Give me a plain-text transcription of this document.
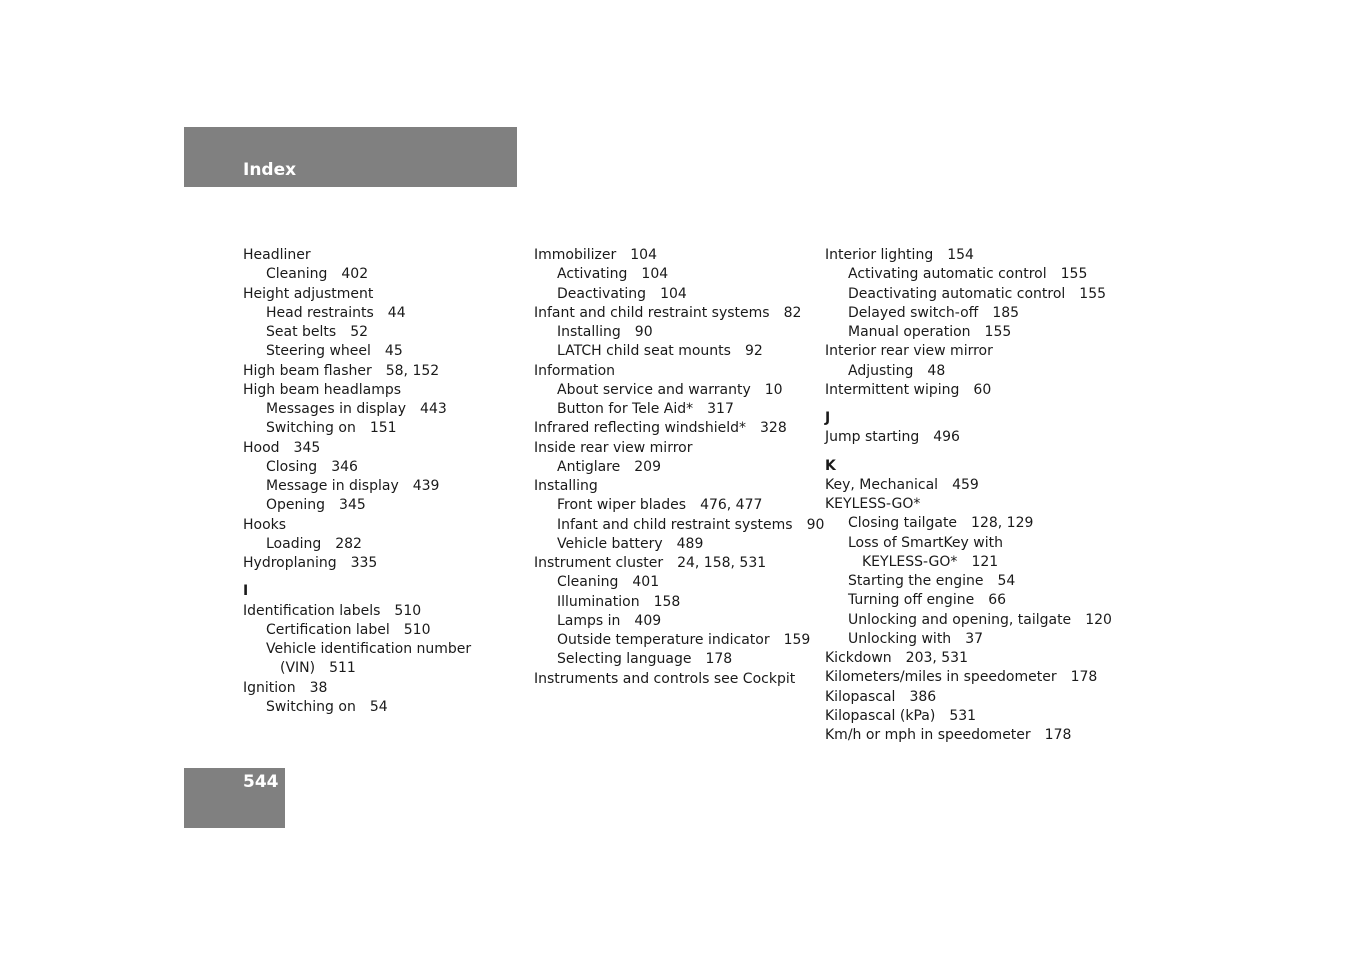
Index
Headliner
Cleaning 402
Height adjustment
Head restraints 44
Seat belts 52
Steering wheel 45
High beam flasher 58, 152
High beam headlamps
Messages in display 443
Switching on 151
Hood 345
Closing 346
Message in display 439
Opening 345
Hooks
Loading 282
Hydroplaning 335
I
Identification labels 510
Certification label 510
Vehicle identification number
(VIN) 511
Ignition 38
Switching on 54
Immobilizer 104
Activating 104
Deactivating 104
Infant and child restraint systems 82
Installing 90
LATCH child seat mounts 92
Information
About service and warranty 10
Button for Tele Aid* 317
Infrared reflecting windshield* 328
Inside rear view mirror
Antiglare 209
Installing
Front wiper blades 476, 477
Infant and child restraint systems 90
Vehicle battery 489
Instrument cluster 24, 158, 531
Cleaning 401
Illumination 158
Lamps in 409
Outside temperature indicator 159
Selecting language 178
Instruments and controls see Cockpit
Interior lighting 154
Activating automatic control 155
Deactivating automatic control 155
Delayed switch-off 185
Manual operation 155
Interior rear view mirror
Adjusting 48
Intermittent wiping 60
J
Jump starting 496
K
Key, Mechanical 459
KEYLESS-GO*
Closing tailgate 128, 129
Loss of SmartKey with
KEYLESS-GO* 121
Starting the engine 54
Turning off engine 66
Unlocking and opening, tailgate 120
Unlocking with 37
Kickdown 203, 531
Kilometers/miles in speedometer 178
Kilopascal 386
Kilopascal (kPa) 531
Km/h or mph in speedometer 178
544
